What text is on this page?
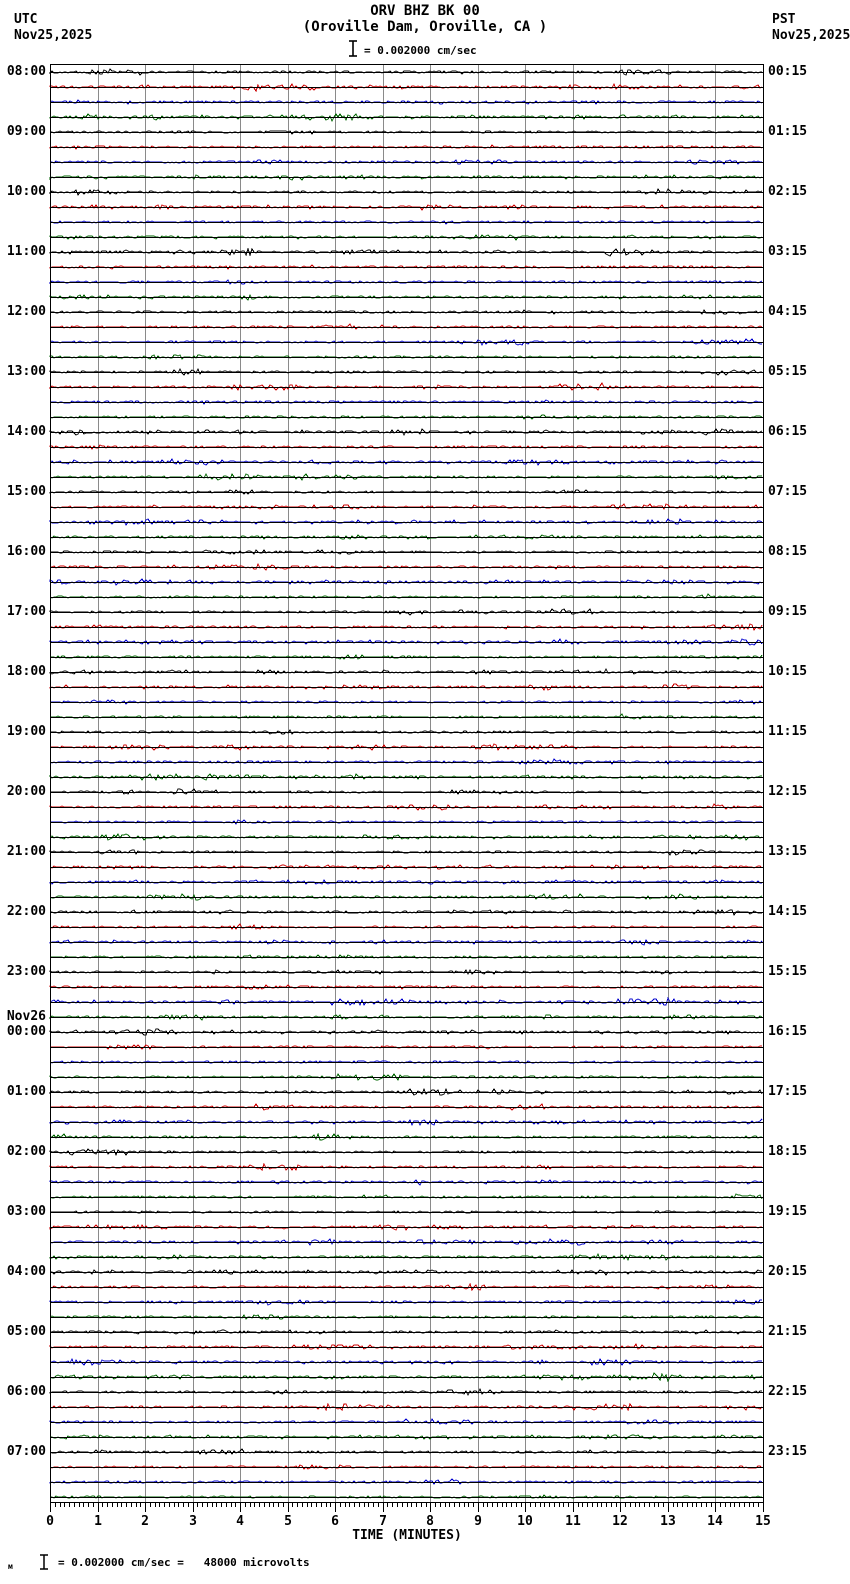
UTC
Nov25,2025
ORV BHZ BK 00
(Oroville Dam, Oroville, CA )	PST
Nov25,2025
= 0.002000 cm/sec
08:00
09:00
10:00
11:00
12:00
13:00
14:00
15:00
16:00
17:00
18:00
19:00
20:00
21:00
22:00
23:00
Nov26
00:00
01:00
02:00
03:00
04:00
05:00
06:00
07:00
00:15
01:15
02:15
03:15
04:15
05:15
06:15
07:15
08:15
09:15
10:15
11:15
12:15
13:15
14:15
15:15
16:15
17:15
18:15
19:15
20:15
21:15
22:15
23:15
0	1	2	3	4	5	6	7	8	9	10	11	12	13	14	15
TIME (MINUTES)
м	= 0.002000 cm/sec =   48000 microvolts
